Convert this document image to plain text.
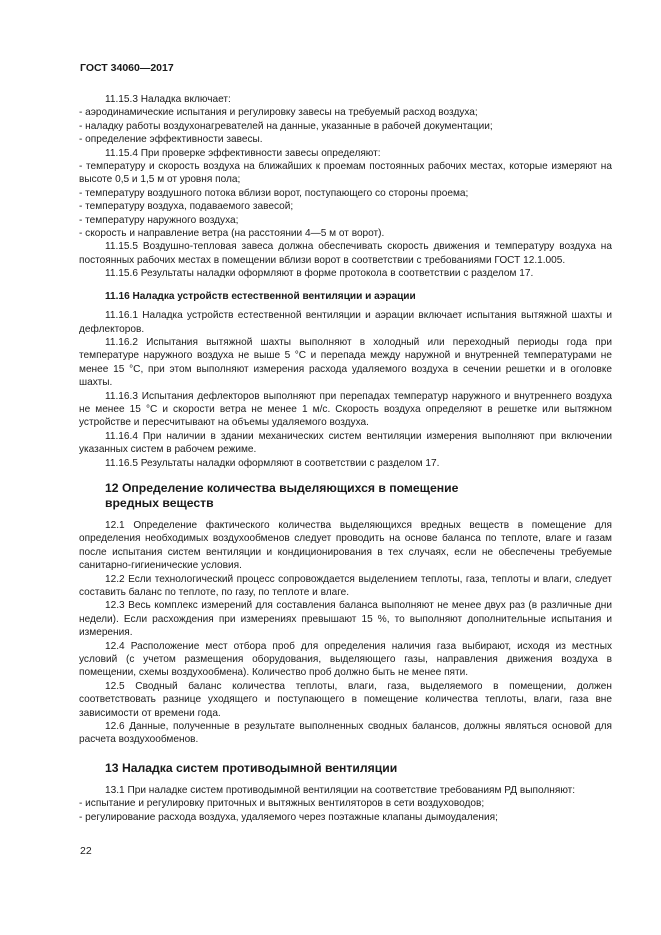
ГОСТ 34060—2017

11.15.3 Наладка включает:

- аэродинамические испытания и регулировку завесы на требуемый расход воздуха;

- наладку работы воздухонагревателей на данные, указанные в рабочей документации;

- определение эффективности завесы.

11.15.4 При проверке эффективности завесы определяют:

- температуру и скорость воздуха на ближайших к проемам постоянных рабочих местах, которые измеряют на высоте 0,5 и 1,5 м от уровня пола;

- температуру воздушного потока вблизи ворот, поступающего со стороны проема;

- температуру воздуха, подаваемого завесой;

- температуру наружного воздуха;

- скорость и направление ветра (на расстоянии 4—5 м от ворот).

11.15.5 Воздушно-тепловая завеса должна обеспечивать скорость движения и температуру воздуха на постоянных рабочих местах в помещении вблизи ворот в соответствии с требованиями ГОСТ 12.1.005.

11.15.6 Результаты наладки оформляют в форме протокола в соответствии с разделом 17.

11.16 Наладка устройств естественной вентиляции и аэрации

11.16.1 Наладка устройств естественной вентиляции и аэрации включает испытания вытяжной шахты и дефлекторов.

11.16.2 Испытания вытяжной шахты выполняют в холодный или переходный периоды года при температуре наружного воздуха не выше 5 °С и перепада между наружной и внутренней температурами не менее 15 °С, при этом выполняют измерения расхода удаляемого воздуха в сечении решетки и в оголовке шахты.

11.16.3 Испытания дефлекторов выполняют при перепадах температур наружного и внутреннего воздуха не менее 15 °С и скорости ветра не менее 1 м/с. Скорость воздуха определяют в решетке или вытяжном устройстве и пересчитывают на объемы удаляемого воздуха.

11.16.4 При наличии в здании механических систем вентиляции измерения выполняют при включении указанных систем в рабочем режиме.

11.16.5 Результаты наладки оформляют в соответствии с разделом 17.

12 Определение количества выделяющихся в помещение
вредных веществ

12.1 Определение фактического количества выделяющихся вредных веществ в помещение для определения необходимых воздухообменов следует проводить на основе баланса по теплоте, влаге и газам после испытания систем вентиляции и кондиционирования в тех случаях, если не обеспечены требуемые санитарно-гигиенические условия.

12.2 Если технологический процесс сопровождается выделением теплоты, газа, теплоты и влаги, следует составить баланс по теплоте, по газу, по теплоте и влаге.

12.3 Весь комплекс измерений для составления баланса выполняют не менее двух раз (в различные дни недели). Если расхождения при измерениях превышают 15 %, то выполняют дополнительные испытания и измерения.

12.4 Расположение мест отбора проб для определения наличия газа выбирают, исходя из местных условий (с учетом размещения оборудования, выделяющего газы, направления движения воздуха в помещении, схемы воздухообмена). Количество проб должно быть не менее пяти.

12.5 Сводный баланс количества теплоты, влаги, газа, выделяемого в помещении, должен соответствовать разнице уходящего и поступающего в помещение количества теплоты, влаги, газа вне зависимости от времени года.

12.6 Данные, полученные в результате выполненных сводных балансов, должны являться основой для расчета воздухообменов.

13 Наладка систем противодымной вентиляции

13.1 При наладке систем противодымной вентиляции на соответствие требованиям РД выполняют:

- испытание и регулировку приточных и вытяжных вентиляторов в сети воздуховодов;

- регулирование расхода воздуха, удаляемого через поэтажные клапаны дымоудаления;

22
